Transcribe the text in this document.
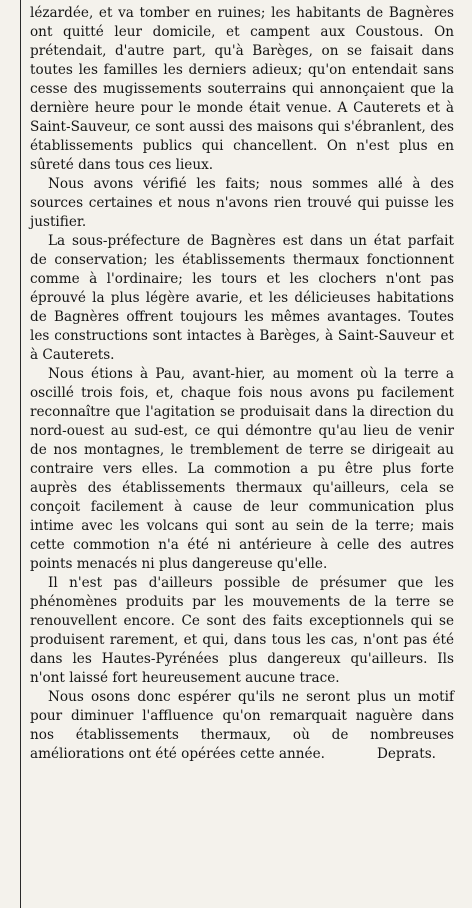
lézardée, et va tomber en ruines; les habitants de Bagnères ont quitté leur domicile, et campent aux Coustous. On prétendait, d'autre part, qu'à Barèges, on se faisait dans toutes les familles les derniers adieux; qu'on entendait sans cesse des mugissements souterrains qui annonçaient que la dernière heure pour le monde était venue. A Cauterets et à Saint-Sauveur, ce sont aussi des maisons qui s'ébranlent, des établissements publics qui chancellent. On n'est plus en sûreté dans tous ces lieux.

Nous avons vérifié les faits; nous sommes allé à des sources certaines et nous n'avons rien trouvé qui puisse les justifier.

La sous-préfecture de Bagnères est dans un état parfait de conservation; les établissements thermaux fonctionnent comme à l'ordinaire; les tours et les clochers n'ont pas éprouvé la plus légère avarie, et les délicieuses habitations de Bagnères offrent toujours les mêmes avantages. Toutes les constructions sont intactes à Barèges, à Saint-Sauveur et à Cauterets.

Nous étions à Pau, avant-hier, au moment où la terre a oscillé trois fois, et, chaque fois nous avons pu facilement reconnaître que l'agitation se produisait dans la direction du nord-ouest au sud-est, ce qui démontre qu'au lieu de venir de nos montagnes, le tremblement de terre se dirigeait au contraire vers elles. La commotion a pu être plus forte auprès des établissements thermaux qu'ailleurs, cela se conçoit facilement à cause de leur communication plus intime avec les volcans qui sont au sein de la terre; mais cette commotion n'a été ni antérieure à celle des autres points menacés ni plus dangereuse qu'elle.

Il n'est pas d'ailleurs possible de présumer que les phénomènes produits par les mouvements de la terre se renouvellent encore. Ce sont des faits exceptionnels qui se produisent rarement, et qui, dans tous les cas, n'ont pas été dans les Hautes-Pyrénées plus dangereux qu'ailleurs. Ils n'ont laissé fort heureusement aucune trace.

Nous osons donc espérer qu'ils ne seront plus un motif pour diminuer l'affluence qu'on remarquait naguère dans nos établissements thermaux, où de nombreuses améliorations ont été opérées cette année.	Deprats.
